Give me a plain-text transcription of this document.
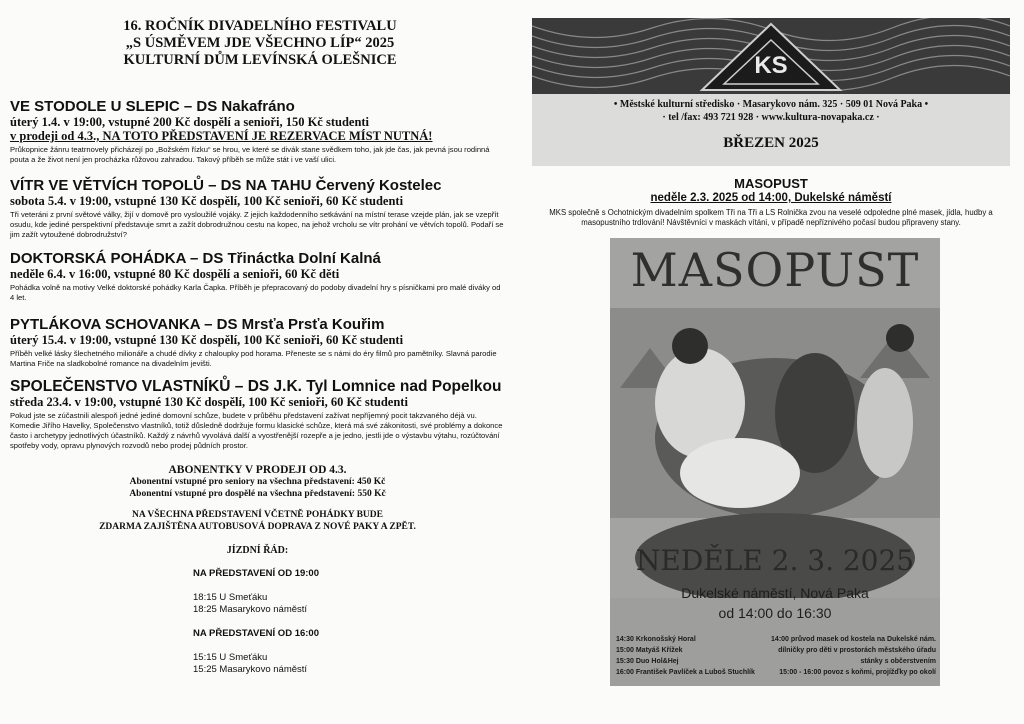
16. ROČNÍK DIVADELNÍHO FESTIVALU
„S ÚSMĚVEM JDE VŠECHNO LÍP“ 2025
KULTURNÍ DŮM LEVÍNSKÁ OLEŠNICE
VE STODOLE U SLEPIC – DS Nakafráno
úterý 1.4. v 19:00, vstupné 200 Kč dospělí a senioři, 150 Kč studenti
v prodeji od 4.3., NA TOTO PŘEDSTAVENÍ JE REZERVACE MÍST NUTNÁ!
Průkopnice žánru teatrnovely přicházejí po „Božském řízku“ se hrou, ve které se divák stane svědkem toho, jak jde čas, jak pevná jsou rodinná pouta a že život není jen procházka růžovou zahradou. Takový příběh se může stát i ve vaší ulici.
VÍTR VE VĚTVÍCH TOPOLŮ – DS NA TAHU Červený Kostelec
sobota 5.4. v 19:00, vstupné 130 Kč dospělí, 100 Kč senioři, 60 Kč studenti
Tři veteráni z první světové války, žijí v domově pro vysloužilé vojáky. Z jejich každodenního setkávání na místní terase vzejde plán, jak se vzepřít osudu, kde jediné perspektivní představuje smrt a zažít dobrodružnou cestu na kopec, na jehož vrcholu se vítr prohání ve větvích topolů. Podaří se jim zažít vytoužené dobrodružství?
DOKTORSKÁ POHÁDKA – DS Třináctka Dolní Kalná
neděle 6.4. v 16:00, vstupné 80 Kč dospělí a senioři, 60 Kč děti
Pohádka volně na motivy Velké doktorské pohádky Karla Čapka. Příběh je přepracovaný do podoby divadelní hry s písničkami pro malé diváky od 4 let.
PYTLÁKOVA SCHOVANKA – DS Mrsťa Prsťa Kouřim
úterý 15.4. v 19:00, vstupné 130 Kč dospělí, 100 Kč senioři, 60 Kč studenti
Příběh velké lásky šlechetného milionáře a chudé dívky z chaloupky pod horama. Přeneste se s námi do éry filmů pro pamětníky. Slavná parodie Martina Friče na sladkobolné romance na divadelním jevišti.
SPOLEČENSTVO VLASTNÍKŮ – DS J.K. Tyl Lomnice nad Popelkou
středa 23.4. v 19:00, vstupné 130 Kč dospělí, 100 Kč senioři, 60 Kč studenti
Pokud jste se zúčastnili alespoň jedné jediné domovní schůze, budete v průběhu představení zažívat nepříjemný pocit takzvaného déjà vu. Komedie Jiřího Havelky, Společenstvo vlastníků, totiž důsledně dodržuje formu klasické schůze, která má své zákonitosti, své problémy a dokonce často i archetypy jednotlivých účastníků. Každý z návrhů vyvolává další a vyostřenější rozepře a je jedno, jestli jde o výstavbu výtahu, rozúčtování spotřeby vody, opravu plynových rozvodů nebo prodej půdních prostor.
ABONENTKY V PRODEJI OD 4.3.
Abonentní vstupné pro seniory na všechna představení: 450 Kč
Abonentní vstupné pro dospělé na všechna představení: 550 Kč
NA VŠECHNA PŘEDSTAVENÍ VČETNĚ POHÁDKY BUDE
ZDARMA ZAJIŠTĚNA AUTOBUSOVÁ DOPRAVA Z NOVÉ PAKY A ZPĚT.
JÍZDNÍ ŘÁD:
NA PŘEDSTAVENÍ OD 19:00
18:15 U Smeťáku
18:25 Masarykovo náměstí
NA PŘEDSTAVENÍ OD 16:00
15:15 U Smeťáku
15:25 Masarykovo náměstí
KS
• Městské kulturní středisko · Masarykovo nám. 325 · 509 01 Nová Paka •
· tel /fax: 493 721 928 · www.kultura-novapaka.cz ·
BŘEZEN 2025
MASOPUST
neděle 2.3. 2025 od 14:00, Dukelské náměstí
MKS společně s Ochotnickým divadelním spolkem Tři na Tři a LS Rolnička zvou na veselé odpoledne plné masek, jídla, hudby a masopustního trdlování! Návštěvníci v maskách vítáni, v případě nepříznivého počasí budou připraveny stany.
MASOPUST
NEDĚLE 2. 3. 2025
Dukelské náměstí, Nová Paka
od 14:00 do 16:30
14:30 Krkonošský Horal
15:00 Matyáš Křížek
15:30 Duo Hol&Hej
16:00 František Pavlíček a Luboš Stuchlík
14:00 průvod masek od kostela na Dukelské nám.
dílničky pro děti v prostorách městského úřadu
stánky s občerstvením
15:00 - 16:00 povoz s koňmi, projížďky po okolí
